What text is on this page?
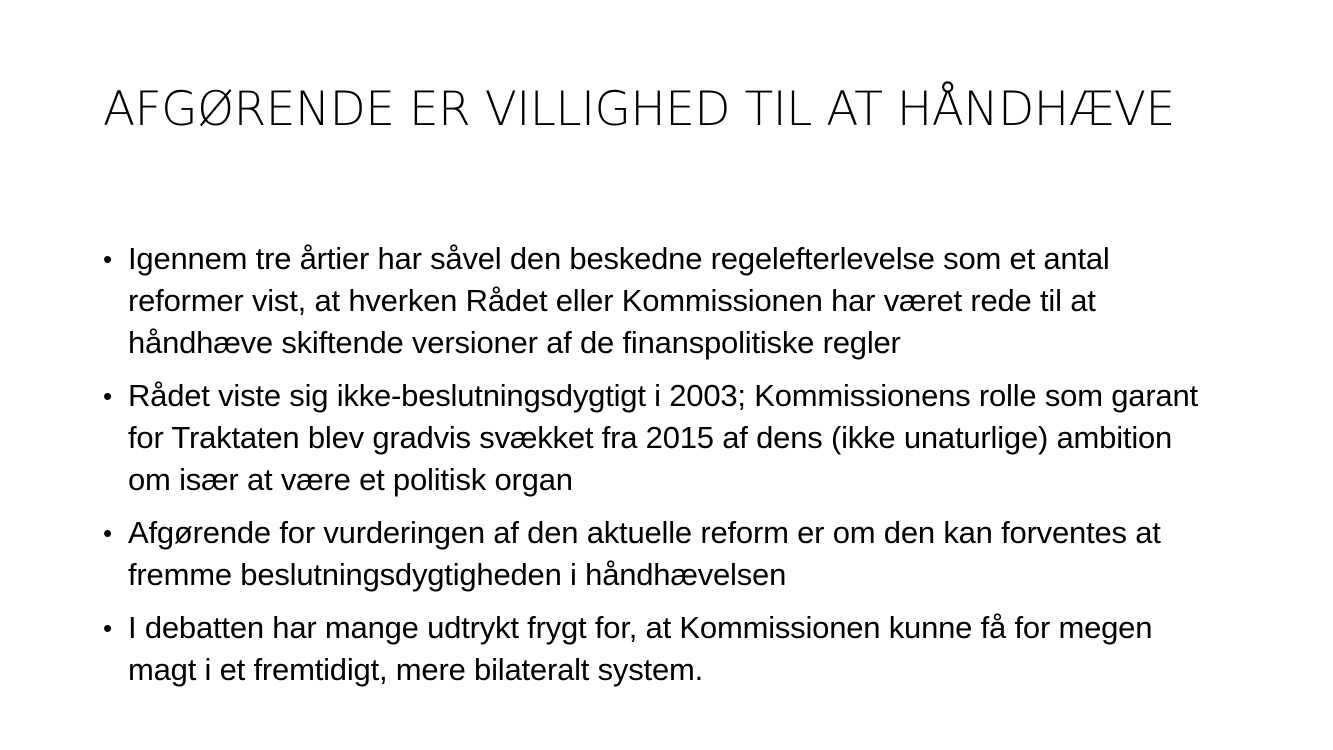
AFGØRENDE ER VILLIGHED TIL AT HÅNDHÆVE
• Igennem tre årtier har såvel den beskedne regelefterlevelse som et antal reformer vist, at hverken Rådet eller Kommissionen har været rede til at håndhæve skiftende versioner af de finanspolitiske regler
• Rådet viste sig ikke-beslutningsdygtigt i 2003; Kommissionens rolle som garant for Traktaten blev gradvis svækket fra 2015 af dens (ikke unaturlige) ambition om især at være et politisk organ
• Afgørende for vurderingen af den aktuelle reform er om den kan forventes at fremme beslutningsdygtigheden i håndhævelsen
• I debatten har mange udtrykt frygt for, at Kommissionen kunne få for megen magt i et fremtidigt, mere bilateralt system.
